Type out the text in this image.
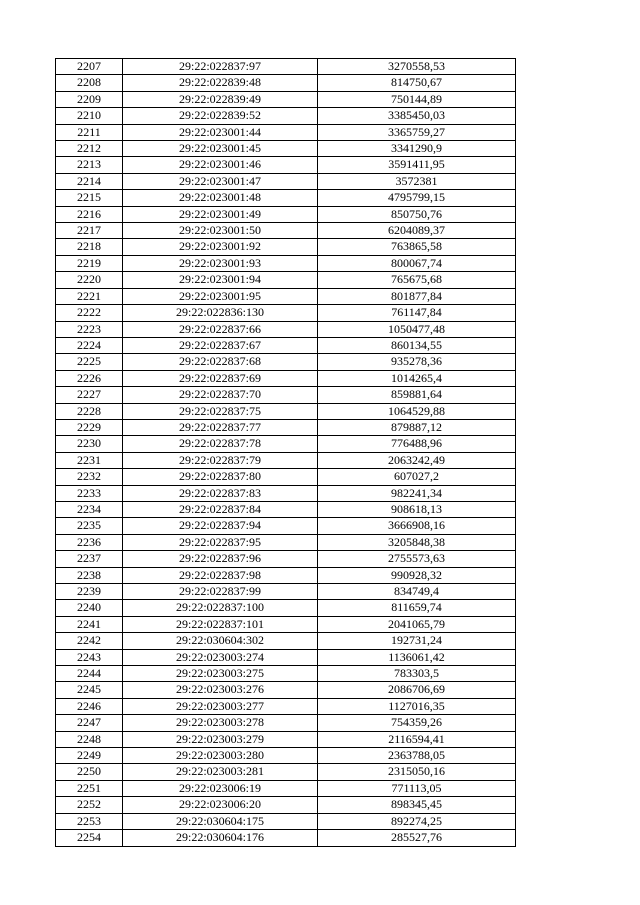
2207	29:22:022837:97	3270558,53
2208	29:22:022839:48	814750,67
2209	29:22:022839:49	750144,89
2210	29:22:022839:52	3385450,03
2211	29:22:023001:44	3365759,27
2212	29:22:023001:45	3341290,9
2213	29:22:023001:46	3591411,95
2214	29:22:023001:47	3572381
2215	29:22:023001:48	4795799,15
2216	29:22:023001:49	850750,76
2217	29:22:023001:50	6204089,37
2218	29:22:023001:92	763865,58
2219	29:22:023001:93	800067,74
2220	29:22:023001:94	765675,68
2221	29:22:023001:95	801877,84
2222	29:22:022836:130	761147,84
2223	29:22:022837:66	1050477,48
2224	29:22:022837:67	860134,55
2225	29:22:022837:68	935278,36
2226	29:22:022837:69	1014265,4
2227	29:22:022837:70	859881,64
2228	29:22:022837:75	1064529,88
2229	29:22:022837:77	879887,12
2230	29:22:022837:78	776488,96
2231	29:22:022837:79	2063242,49
2232	29:22:022837:80	607027,2
2233	29:22:022837:83	982241,34
2234	29:22:022837:84	908618,13
2235	29:22:022837:94	3666908,16
2236	29:22:022837:95	3205848,38
2237	29:22:022837:96	2755573,63
2238	29:22:022837:98	990928,32
2239	29:22:022837:99	834749,4
2240	29:22:022837:100	811659,74
2241	29:22:022837:101	2041065,79
2242	29:22:030604:302	192731,24
2243	29:22:023003:274	1136061,42
2244	29:22:023003:275	783303,5
2245	29:22:023003:276	2086706,69
2246	29:22:023003:277	1127016,35
2247	29:22:023003:278	754359,26
2248	29:22:023003:279	2116594,41
2249	29:22:023003:280	2363788,05
2250	29:22:023003:281	2315050,16
2251	29:22:023006:19	771113,05
2252	29:22:023006:20	898345,45
2253	29:22:030604:175	892274,25
2254	29:22:030604:176	285527,76
